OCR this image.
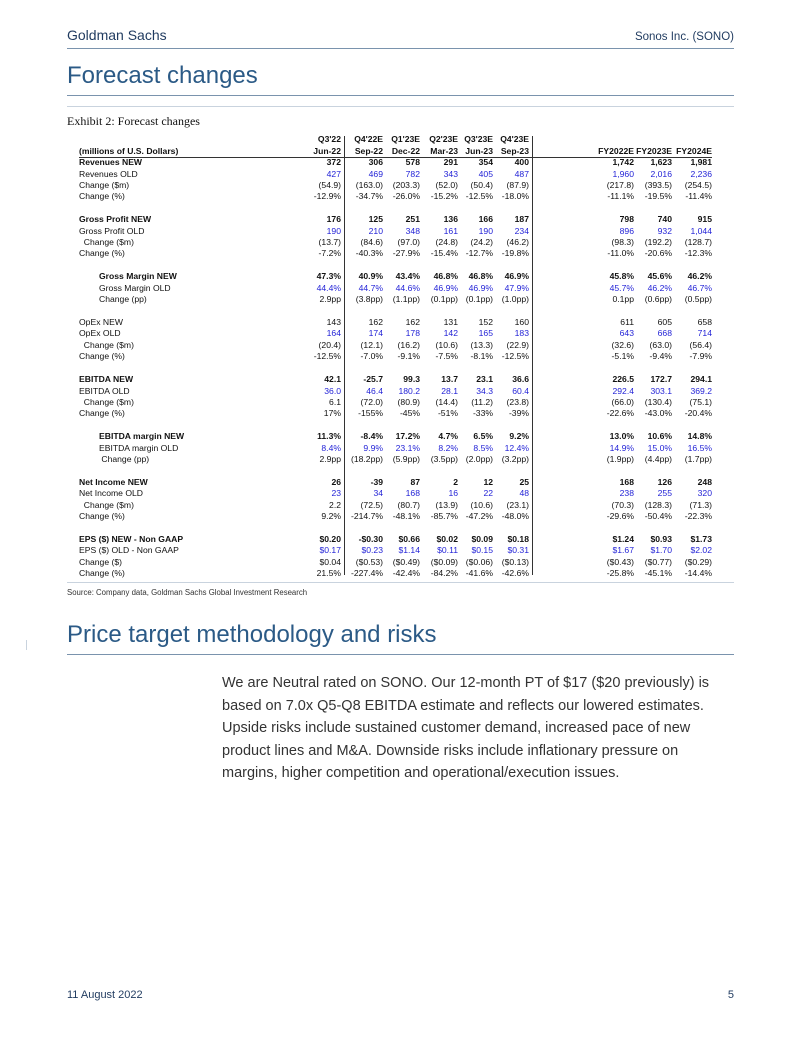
Goldman Sachs	Sonos Inc. (SONO)
Forecast changes
Exhibit 2: Forecast changes
Q3'22 Q4'22E Q1'23E Q2'23E Q3'23E Q4'23E
(millions of U.S. Dollars)	Jun-22 Sep-22 Dec-22 Mar-23 Jun-23 Sep-23	FY2022E FY2023E FY2024E
Revenues NEW	372	306	578	291 354	400	1,742 1,623 1,981
Revenues OLD	427	469	782	343 405	487	1,960 2,016 2,236
Change ($m)	(54.9) (163.0) (203.3) (52.0) (50.4) (87.9)	(217.8) (393.5) (254.5)
Change (%)	-12.9% -34.7% -26.0% -15.2% -12.5% -18.0%	-11.1% -19.5% -11.4%
Gross Profit NEW	176	125	251	136 166	187	798	740	915
Gross Profit OLD	190	210	348	161 190	234	896	932 1,044
Change ($m)	(13.7) (84.6) (97.0) (24.8) (24.2) (46.2)	(98.3) (192.2) (128.7)
Change (%)	-7.2% -40.3% -27.9% -15.4% -12.7% -19.8%	-11.0% -20.6% -12.3%
Gross Margin NEW	47.3% 40.9% 43.4% 46.8% 46.8% 46.9%	45.8% 45.6% 46.2%
Gross Margin OLD	44.4% 44.7% 44.6% 46.9% 46.9% 47.9%	45.7% 46.2% 46.7%
Change (pp)	2.9pp (3.8pp) (1.1pp) (0.1pp) (0.1pp) (1.0pp)	0.1pp (0.6pp) (0.5pp)
OpEx NEW	143	162	162	131 152	160	611	605	658
OpEx OLD	164	174	178	142 165	183	643	668	714
Change ($m)	(20.4) (12.1) (16.2) (10.6) (13.3) (22.9)	(32.6) (63.0) (56.4)
Change (%)	-12.5% -7.0% -9.1% -7.5% -8.1% -12.5%	-5.1% -9.4% -7.9%
EBITDA NEW	42.1	-25.7 99.3 13.7 23.1 36.6	226.5 172.7 294.1
EBITDA OLD	36.0	46.4 180.2 28.1 34.3 60.4	292.4 303.1 369.2
Change ($m)	6.1 (72.0) (80.9) (14.4) (11.2) (23.8)	(66.0) (130.4) (75.1)
Change (%)	17% -155% -45% -51% -33% -39%	-22.6% -43.0% -20.4%
EBITDA margin NEW	11.3% -8.4% 17.2% 4.7% 6.5% 9.2%	13.0% 10.6% 14.8%
EBITDA margin OLD	8.4%	9.9% 23.1% 8.2% 8.5% 12.4%	14.9% 15.0% 16.5%
Change (pp)	2.9pp (18.2pp) (5.9pp) (3.5pp) (2.0pp) (3.2pp)	(1.9pp) (4.4pp) (1.7pp)
Net Income NEW	26	-39	87	2	12	25	168	126	248
Net Income OLD	23	34	168	16	22	48	238	255	320
Change ($m)	2.2 (72.5) (80.7) (13.9) (10.6) (23.1)	(70.3) (128.3) (71.3)
Change (%)	9.2% -214.7% -48.1% -85.7% -47.2% -48.0%	-29.6% -50.4% -22.3%
EPS ($) NEW - Non GAAP	$0.20 -$0.30 $0.66 $0.02 $0.09 $0.18	$1.24 $0.93 $1.73
EPS ($) OLD - Non GAAP	$0.17 $0.23 $1.14 $0.11 $0.15 $0.31	$1.67 $1.70 $2.02
Change ($)	$0.04 ($0.53) ($0.49) ($0.09) ($0.06) ($0.13)	($0.43) ($0.77) ($0.29)
Change (%)	21.5% -227.4% -42.4% -84.2% -41.6% -42.6%	-25.8% -45.1% -14.4%
Source: Company data, Goldman Sachs Global Investment Research
Price target methodology and risks
We are Neutral rated on SONO. Our 12-month PT of $17 ($20 previously) is based on 7.0x Q5-Q8 EBITDA estimate and reflects our lowered estimates. Upside risks include sustained customer demand, increased pace of new product lines and M&A. Downside risks include inflationary pressure on margins, higher competition and operational/execution issues.
11 August 2022	5
